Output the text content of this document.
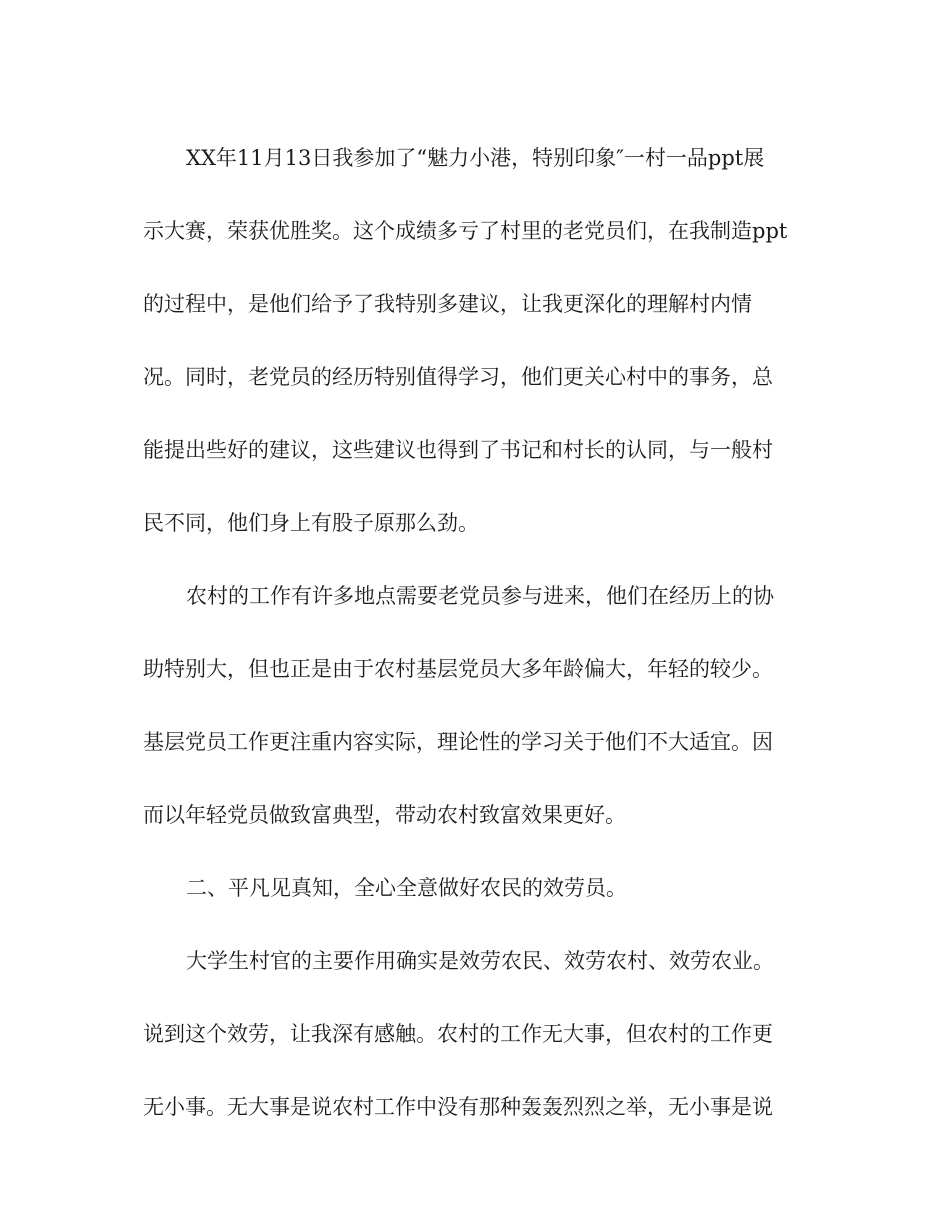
XX年11月13日我参加了“魅力小港，特别印象″一村一品ppt展
示大赛，荣获优胜奖。这个成绩多亏了村里的老党员们，在我制造ppt
的过程中，是他们给予了我特别多建议，让我更深化的理解村内情
况。同时，老党员的经历特别值得学习，他们更关心村中的事务，总
能提出些好的建议，这些建议也得到了书记和村长的认同，与一般村
民不同，他们身上有股子原那么劲。
农村的工作有许多地点需要老党员参与进来，他们在经历上的协
助特别大，但也正是由于农村基层党员大多年龄偏大，年轻的较少。
基层党员工作更注重内容实际，理论性的学习关于他们不大适宜。因
而以年轻党员做致富典型，带动农村致富效果更好。
二、平凡见真知，全心全意做好农民的效劳员。
大学生村官的主要作用确实是效劳农民、效劳农村、效劳农业。
说到这个效劳，让我深有感触。农村的工作无大事，但农村的工作更
无小事。无大事是说农村工作中没有那种轰轰烈烈之举，无小事是说
